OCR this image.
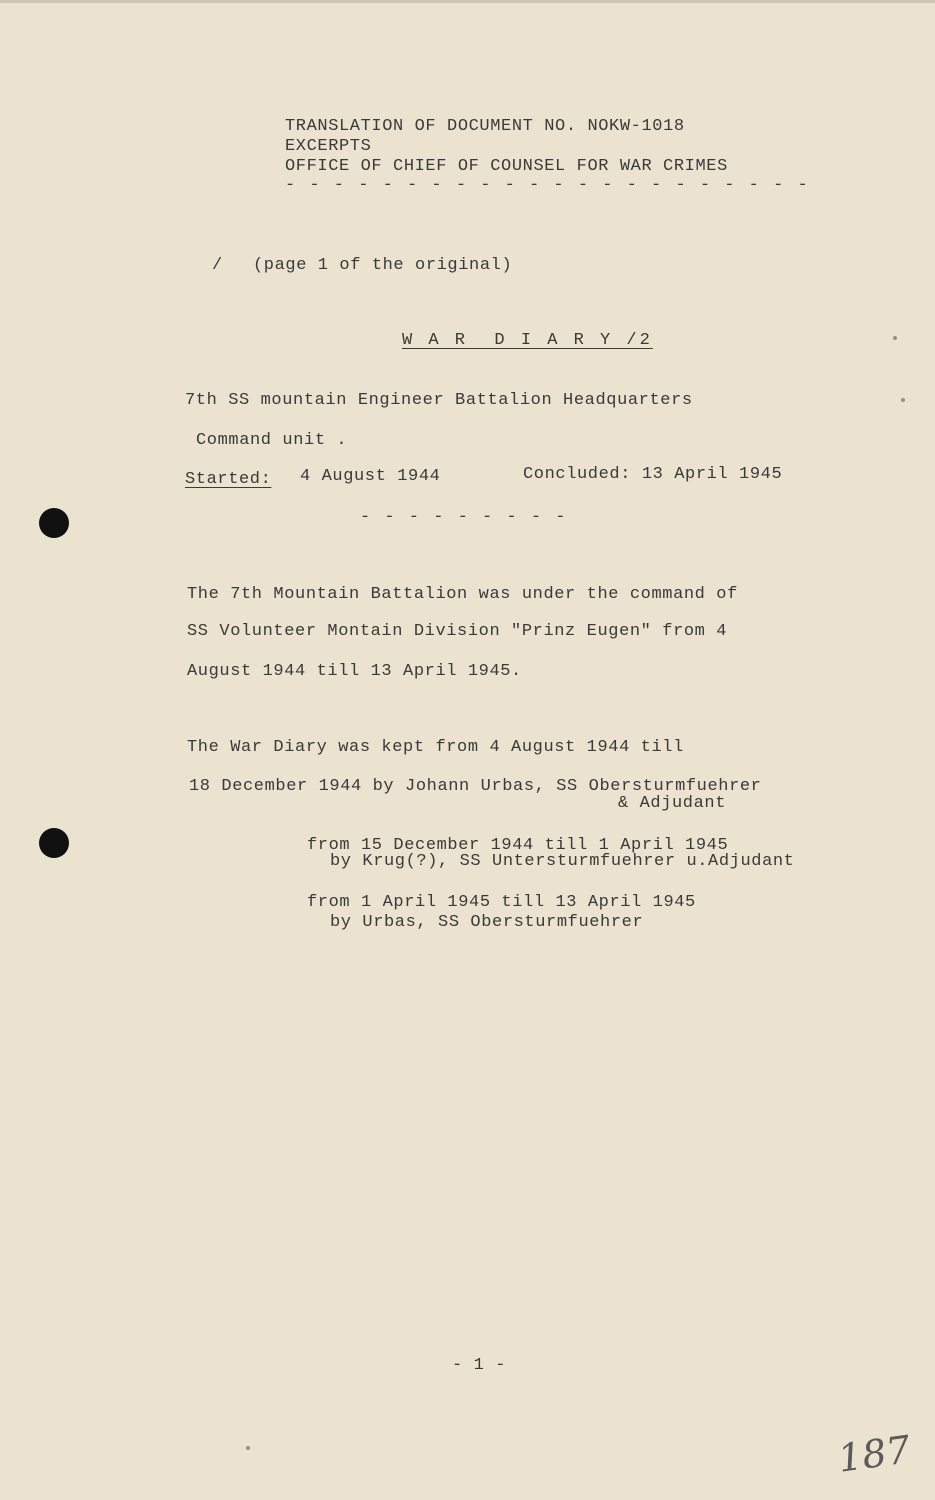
TRANSLATION OF DOCUMENT NO. NOKW-1018
EXCERPTS
OFFICE OF CHIEF OF COUNSEL FOR WAR CRIMES
- - - - - - - - - - - - - - - - - - - - - -
/ (page 1 of the original)
W A R  D I A R Y /2
7th SS mountain Engineer Battalion Headquarters
Command unit .
Started: 4 August 1944	Concluded: 13 April 1945
- - - - - - - - -
The 7th Mountain Battalion was under the command of
SS Volunteer Montain Division "Prinz Eugen" from 4
August 1944 till 13 April 1945.
The War Diary was kept from 4 August 1944 till
18 December 1944 by Johann Urbas, SS Obersturmfuehrer
& Adjudant
from 15 December 1944 till 1 April 1945
by Krug(?), SS Untersturmfuehrer u.Adjudant
from 1 April 1945 till 13 April 1945
by Urbas, SS Obersturmfuehrer
- 1 -
187
